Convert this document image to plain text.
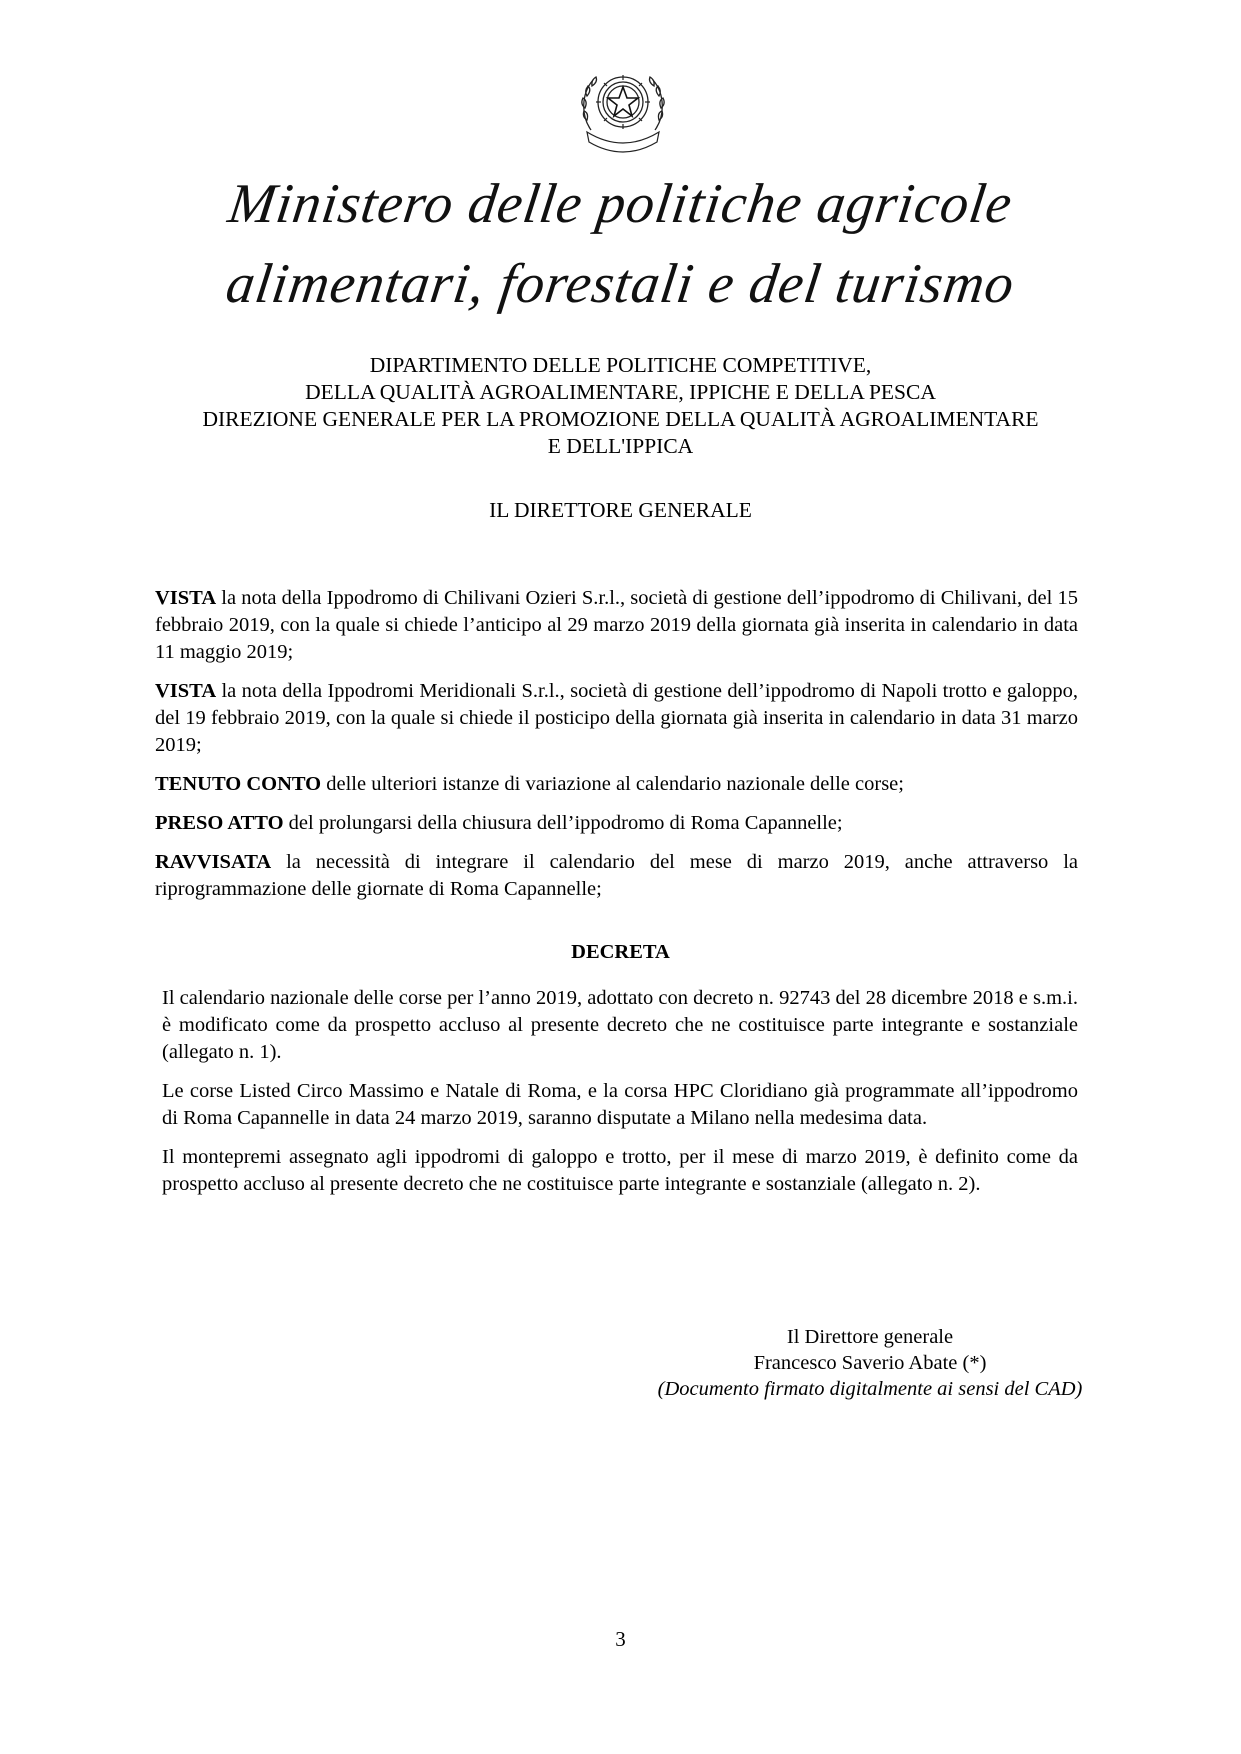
Ministero delle politiche agricole
alimentari, forestali e del turismo
DIPARTIMENTO DELLE POLITICHE COMPETITIVE,
DELLA QUALITÀ AGROALIMENTARE, IPPICHE E DELLA PESCA
DIREZIONE GENERALE PER LA PROMOZIONE DELLA QUALITÀ AGROALIMENTARE
E DELL'IPPICA
IL DIRETTORE GENERALE

VISTA la nota della Ippodromo di Chilivani Ozieri S.r.l., società di gestione dell’ippodromo di Chilivani, del 15 febbraio 2019, con la quale si chiede l’anticipo al 29 marzo 2019 della giornata già inserita in calendario in data 11 maggio 2019;

VISTA la nota della Ippodromi Meridionali S.r.l., società di gestione dell’ippodromo di Napoli trotto e galoppo, del 19 febbraio 2019, con la quale si chiede il posticipo della giornata già inserita in calendario in data 31 marzo 2019;

TENUTO CONTO delle ulteriori istanze di variazione al calendario nazionale delle corse;

PRESO ATTO del prolungarsi della chiusura dell’ippodromo di Roma Capannelle;

RAVVISATA la necessità di integrare il calendario del mese di marzo 2019, anche attraverso la riprogrammazione delle giornate di Roma Capannelle;

DECRETA

Il calendario nazionale delle corse per l’anno 2019, adottato con decreto n. 92743 del 28 dicembre 2018 e s.m.i. è modificato come da prospetto accluso al presente decreto che ne costituisce parte integrante e sostanziale (allegato n. 1).

Le corse Listed Circo Massimo e Natale di Roma, e la corsa HPC Cloridiano già programmate all’ippodromo di Roma Capannelle in data 24 marzo 2019, saranno disputate a Milano nella medesima data.

Il montepremi assegnato agli ippodromi di galoppo e trotto, per il mese di marzo 2019, è definito come da prospetto accluso al presente decreto che ne costituisce parte integrante e sostanziale (allegato n. 2).

Il Direttore generale
Francesco Saverio Abate (*)
(Documento firmato digitalmente ai sensi del CAD)
3
